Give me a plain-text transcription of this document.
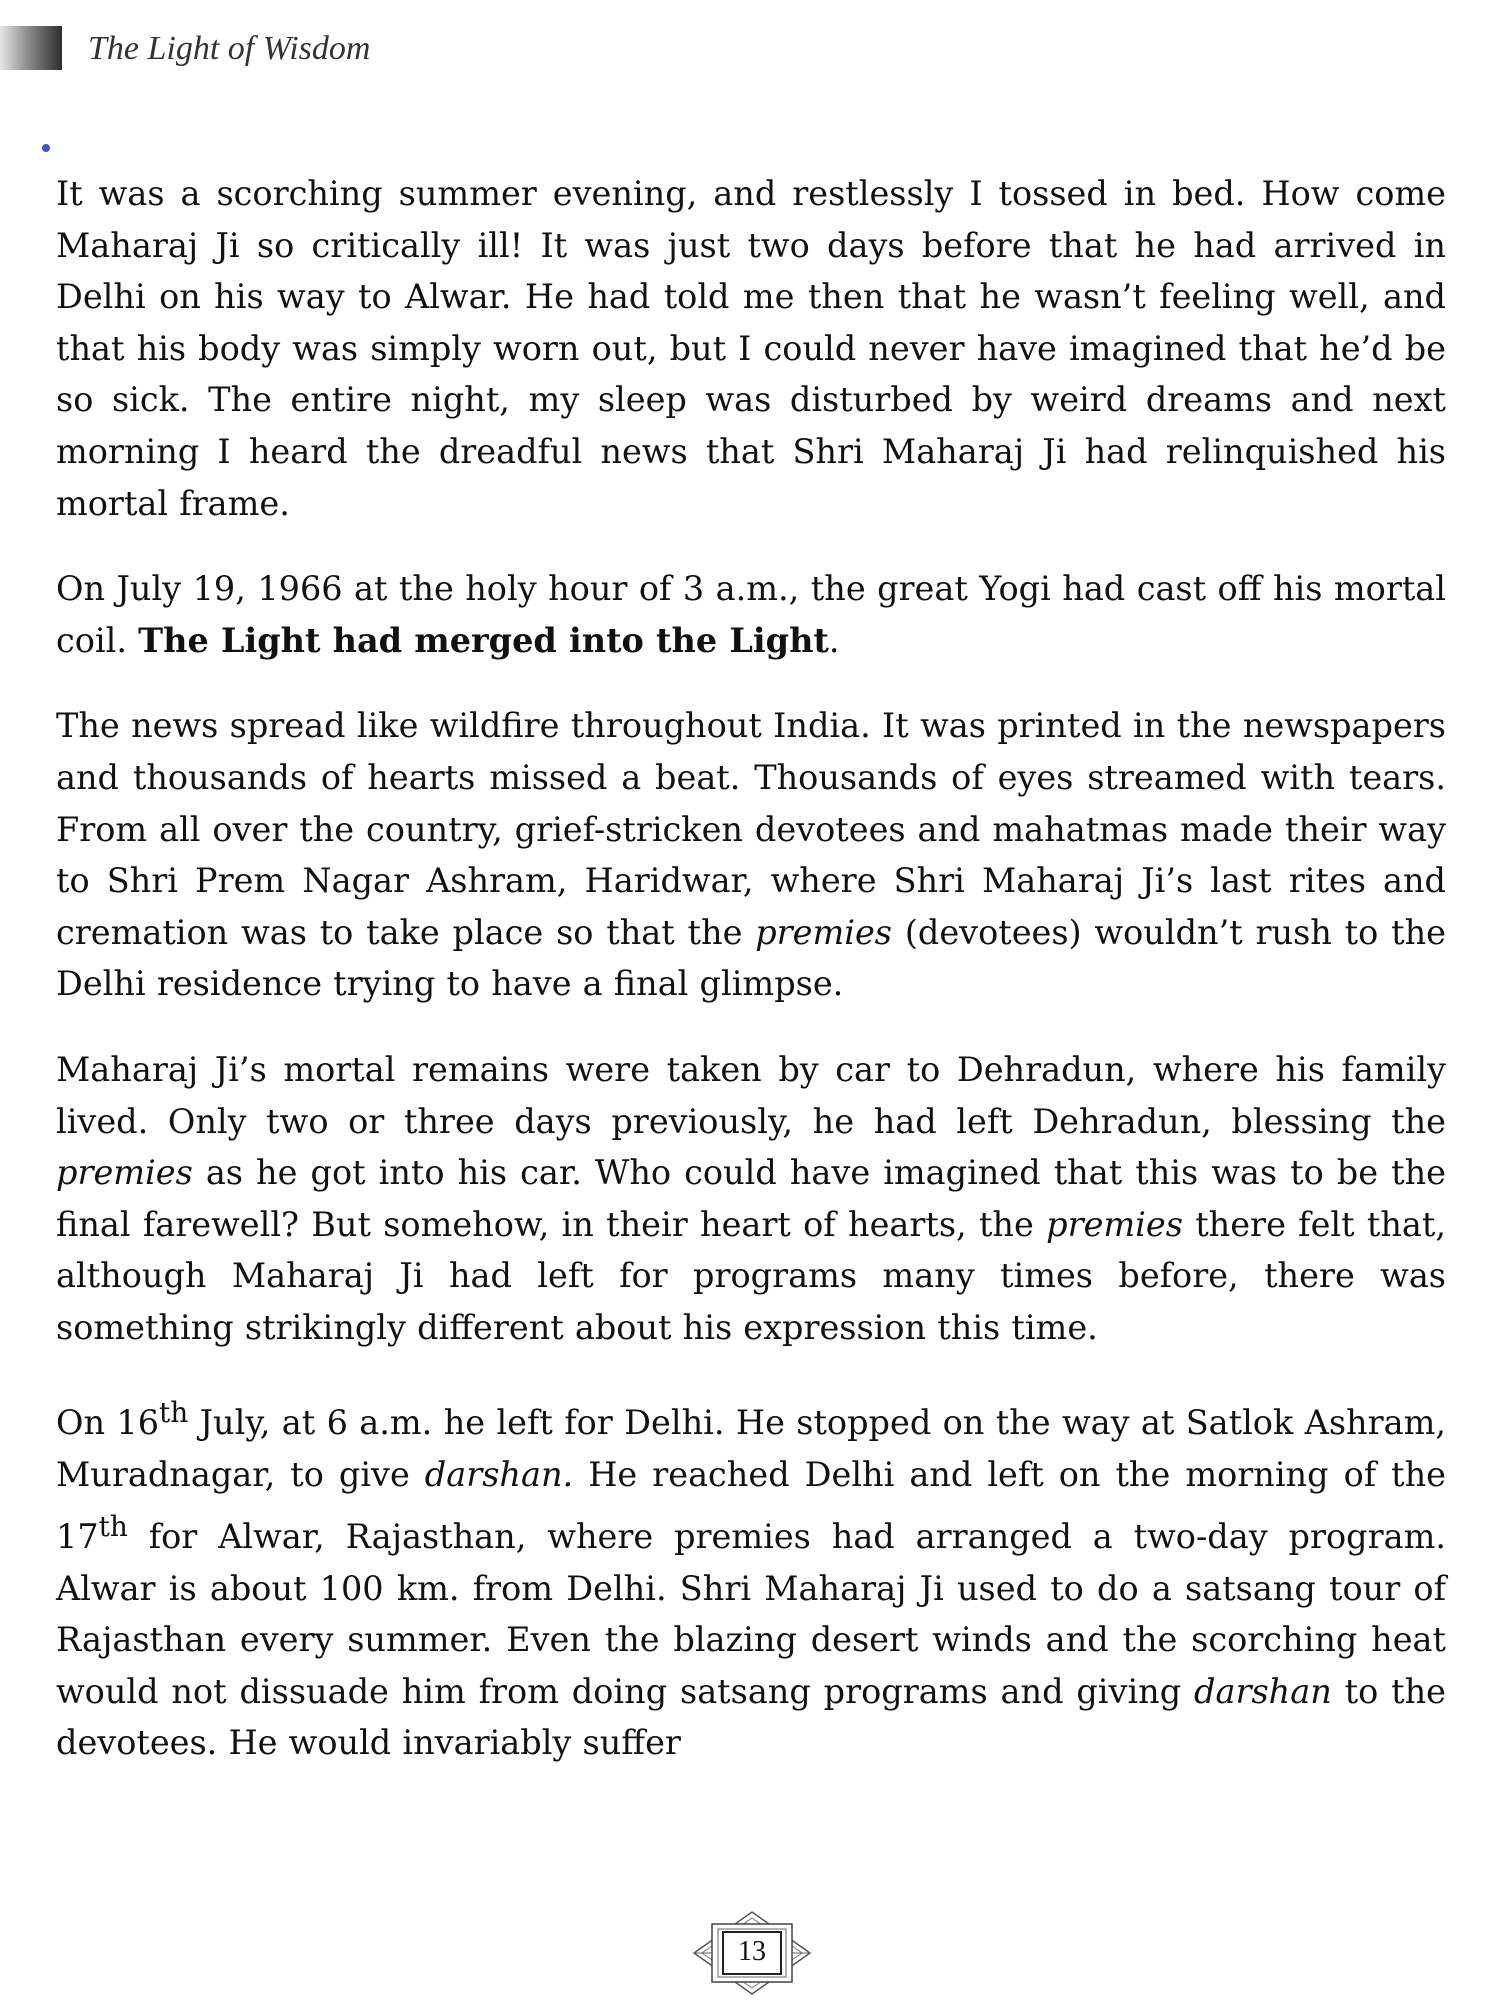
The Light of Wisdom

It was a scorching summer evening, and restlessly I tossed in bed. How come Maharaj Ji so critically ill! It was just two days before that he had arrived in Delhi on his way to Alwar. He had told me then that he wasn’t feeling well, and that his body was simply worn out, but I could never have imagined that he’d be so sick. The entire night, my sleep was disturbed by weird dreams and next morning I heard the dreadful news that Shri Maharaj Ji had relinquished his mortal frame.

On July 19, 1966 at the holy hour of 3 a.m., the great Yogi had cast off his mortal coil. The Light had merged into the Light.

The news spread like wildfire throughout India. It was printed in the newspapers and thousands of hearts missed a beat. Thousands of eyes streamed with tears. From all over the country, grief-stricken devotees and mahatmas made their way to Shri Prem Nagar Ashram, Haridwar, where Shri Maharaj Ji’s last rites and cremation was to take place so that the premies (devotees) wouldn’t rush to the Delhi residence trying to have a final glimpse.

Maharaj Ji’s mortal remains were taken by car to Dehradun, where his family lived. Only two or three days previously, he had left Dehradun, blessing the premies as he got into his car. Who could have imagined that this was to be the final farewell? But somehow, in their heart of hearts, the premies there felt that, although Maharaj Ji had left for programs many times before, there was something strikingly different about his expression this time.

On 16th July, at 6 a.m. he left for Delhi. He stopped on the way at Satlok Ashram, Muradnagar, to give darshan. He reached Delhi and left on the morning of the 17th for Alwar, Rajasthan, where premies had arranged a two-day program. Alwar is about 100 km. from Delhi. Shri Maharaj Ji used to do a satsang tour of Rajasthan every summer. Even the blazing desert winds and the scorching heat would not dissuade him from doing satsang programs and giving darshan to the devotees. He would invariably suffer

13
